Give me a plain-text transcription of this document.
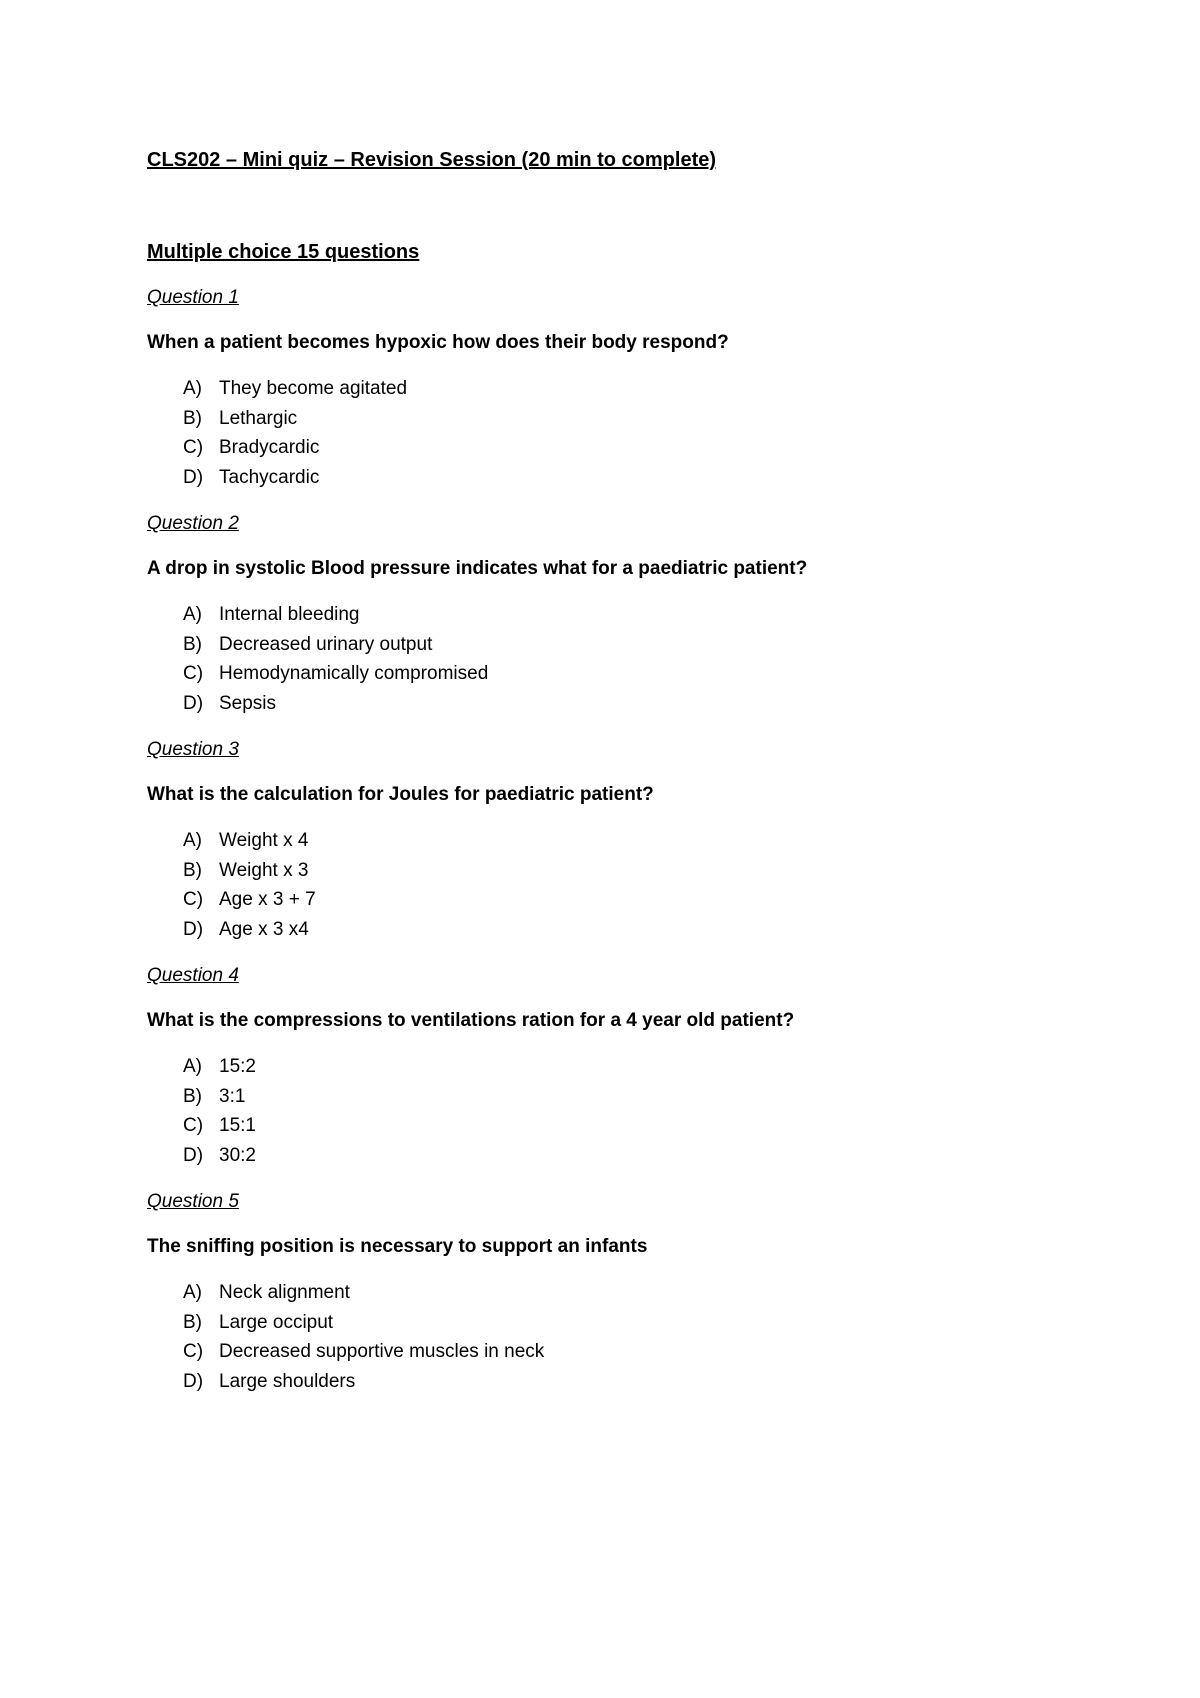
CLS202 – Mini quiz – Revision Session (20 min to complete)
Multiple choice 15 questions
Question 1
When a patient becomes hypoxic how does their body respond?
A) They become agitated
B) Lethargic
C) Bradycardic
D) Tachycardic
Question 2
A drop in systolic Blood pressure indicates what for a paediatric patient?
A) Internal bleeding
B) Decreased urinary output
C) Hemodynamically compromised
D) Sepsis
Question 3
What is the calculation for Joules for paediatric patient?
A) Weight x 4
B) Weight x 3
C) Age x 3 + 7
D) Age x 3 x4
Question 4
What is the compressions to ventilations ration for a 4 year old patient?
A) 15:2
B) 3:1
C) 15:1
D) 30:2
Question 5
The sniffing position is necessary to support an infants
A) Neck alignment
B) Large occiput
C) Decreased supportive muscles in neck
D) Large shoulders
